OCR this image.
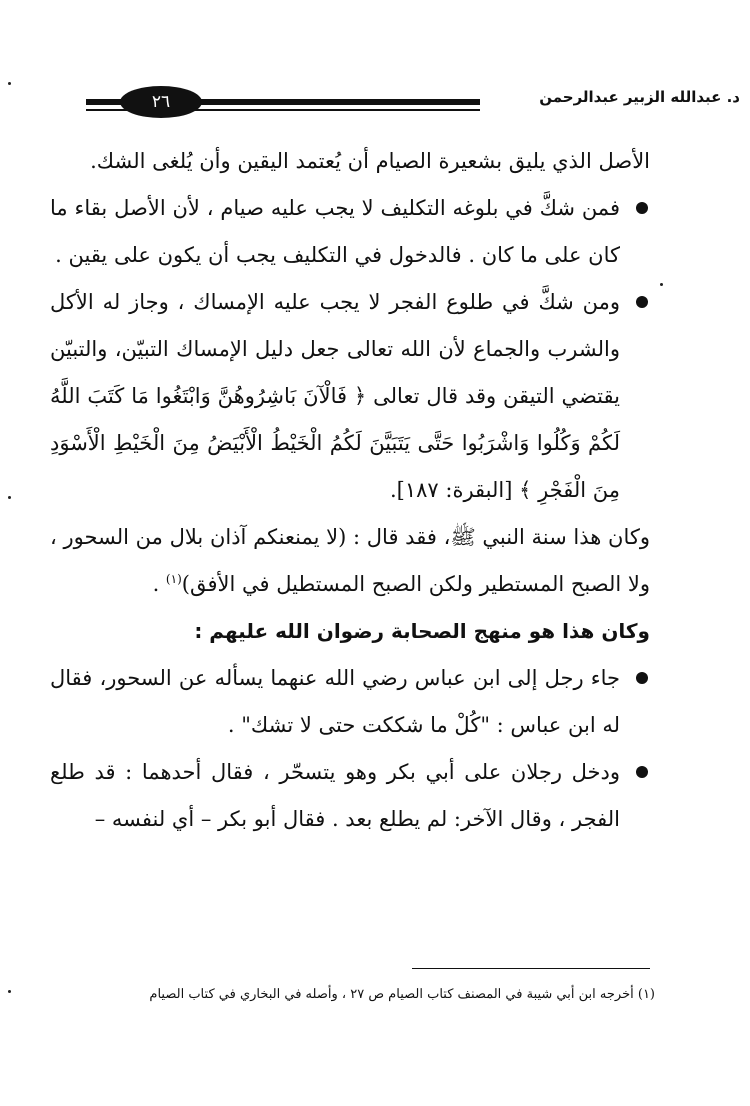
٢٦	د. عبدالله الزبير عبدالرحمن

الأصل الذي يليق بشعيرة الصيام أن يُعتمد اليقين وأن يُلغى الشك.

فمن شكَّ في بلوغه التكليف لا يجب عليه صيام ، لأن الأصل بقاء ما كان على ما كان . فالدخول في التكليف يجب أن يكون على يقين .

ومن شكَّ في طلوع الفجر لا يجب عليه الإمساك ، وجاز له الأكل والشرب والجماع لأن الله تعالى جعل دليل الإمساك التبيّن، والتبيّن يقتضي التيقن وقد قال تعالى ﴿ فَالْآنَ بَاشِرُوهُنَّ وَابْتَغُوا مَا كَتَبَ اللَّهُ لَكُمْ وَكُلُوا وَاشْرَبُوا حَتَّى يَتَبَيَّنَ لَكُمُ الْخَيْطُ الْأَبْيَضُ مِنَ الْخَيْطِ الْأَسْوَدِ مِنَ الْفَجْرِ ﴾ [البقرة: ١٨٧].

وكان هذا سنة النبي ﷺ، فقد قال : (لا يمنعنكم آذان بلال من السحور ، ولا الصبح المستطير ولكن الصبح المستطيل في الأفق)$^{(١)}$ .

وكان هذا هو منهج الصحابة رضوان الله عليهم :

جاء رجل إلى ابن عباس رضي الله عنهما يسأله عن السحور، فقال له ابن عباس : "كُلْ ما شككت حتى لا تشك" .

ودخل رجلان على أبي بكر وهو يتسحّر ، فقال أحدهما : قد طلع الفجر ، وقال الآخر: لم يطلع بعد . فقال أبو بكر – أي لنفسه –

(١) أخرجه ابن أبي شيبة في المصنف كتاب الصيام ص ٢٧ ، وأصله في البخاري في كتاب الصيام
